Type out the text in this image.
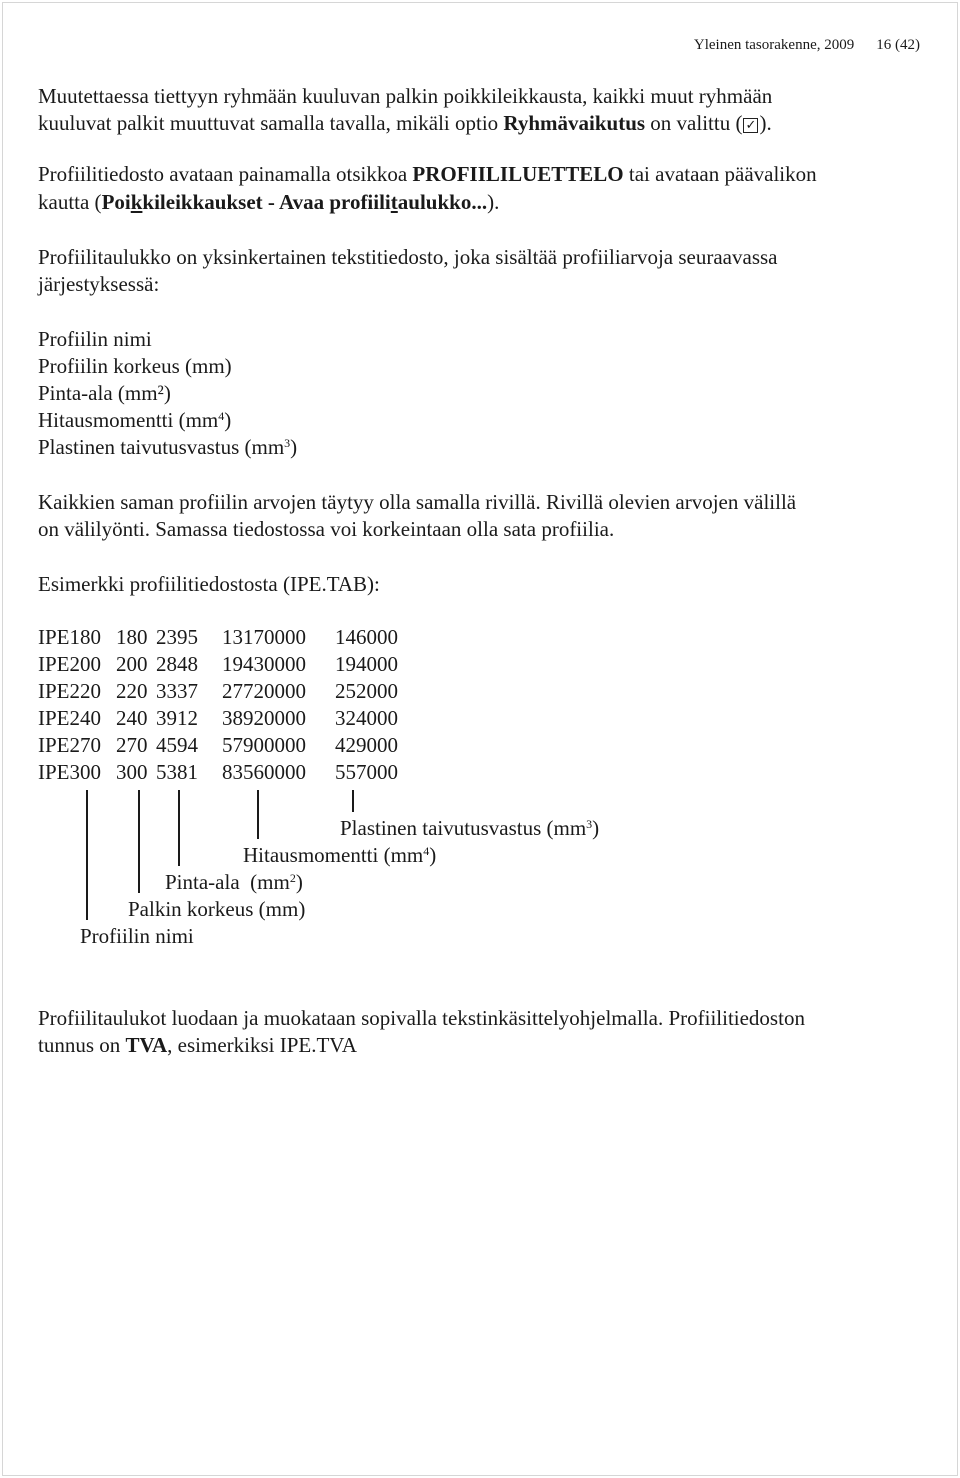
Yleinen tasorakenne, 2009 16 (42)
Muutettaessa tiettyyn ryhmään kuuluvan palkin poikkileikkausta, kaikki muut ryhmään
kuuluvat palkit muuttuvat samalla tavalla, mikäli optio Ryhmävaikutus on valittu ( ✓ ).
Profiilitiedosto avataan painamalla otsikkoa PROFIILILUETTELO tai avataan päävalikon
kautta (Poikkileikkaukset - Avaa profiilitaulukko...).
Profiilitaulukko on yksinkertainen tekstitiedosto, joka sisältää profiiliarvoja seuraavassa
järjestyksessä:
Profiilin nimi
Profiilin korkeus (mm)
Pinta-ala (mm²)
Hitausmomentti $(mm^4)$
Plastinen taivutusvastus $(mm^3)$
Kaikkien saman profiilin arvojen täytyy olla samalla rivillä. Rivillä olevien arvojen välillä
on välilyönti. Samassa tiedostossa voi korkeintaan olla sata profiilia.
Esimerkki profiilitiedostosta (IPE.TAB):
IPE180 180 2395 13170000 146000
IPE200 200 2848 19430000 194000
IPE220 220 3337 27720000 252000
IPE240 240 3912 38920000 324000
IPE270 270 4594 57900000 429000
IPE300 300 5381 83560000 557000
Plastinen taivutusvastus $(mm^3)$
Hitausmomentti $(mm^4)$
Pinta-ala  $(mm^2)$
Palkin korkeus (mm)
Profiilin nimi
Profiilitaulukot luodaan ja muokataan sopivalla tekstinkäsittelyohjelmalla. Profiilitiedoston
tunnus on TVA, esimerkiksi IPE.TVA
